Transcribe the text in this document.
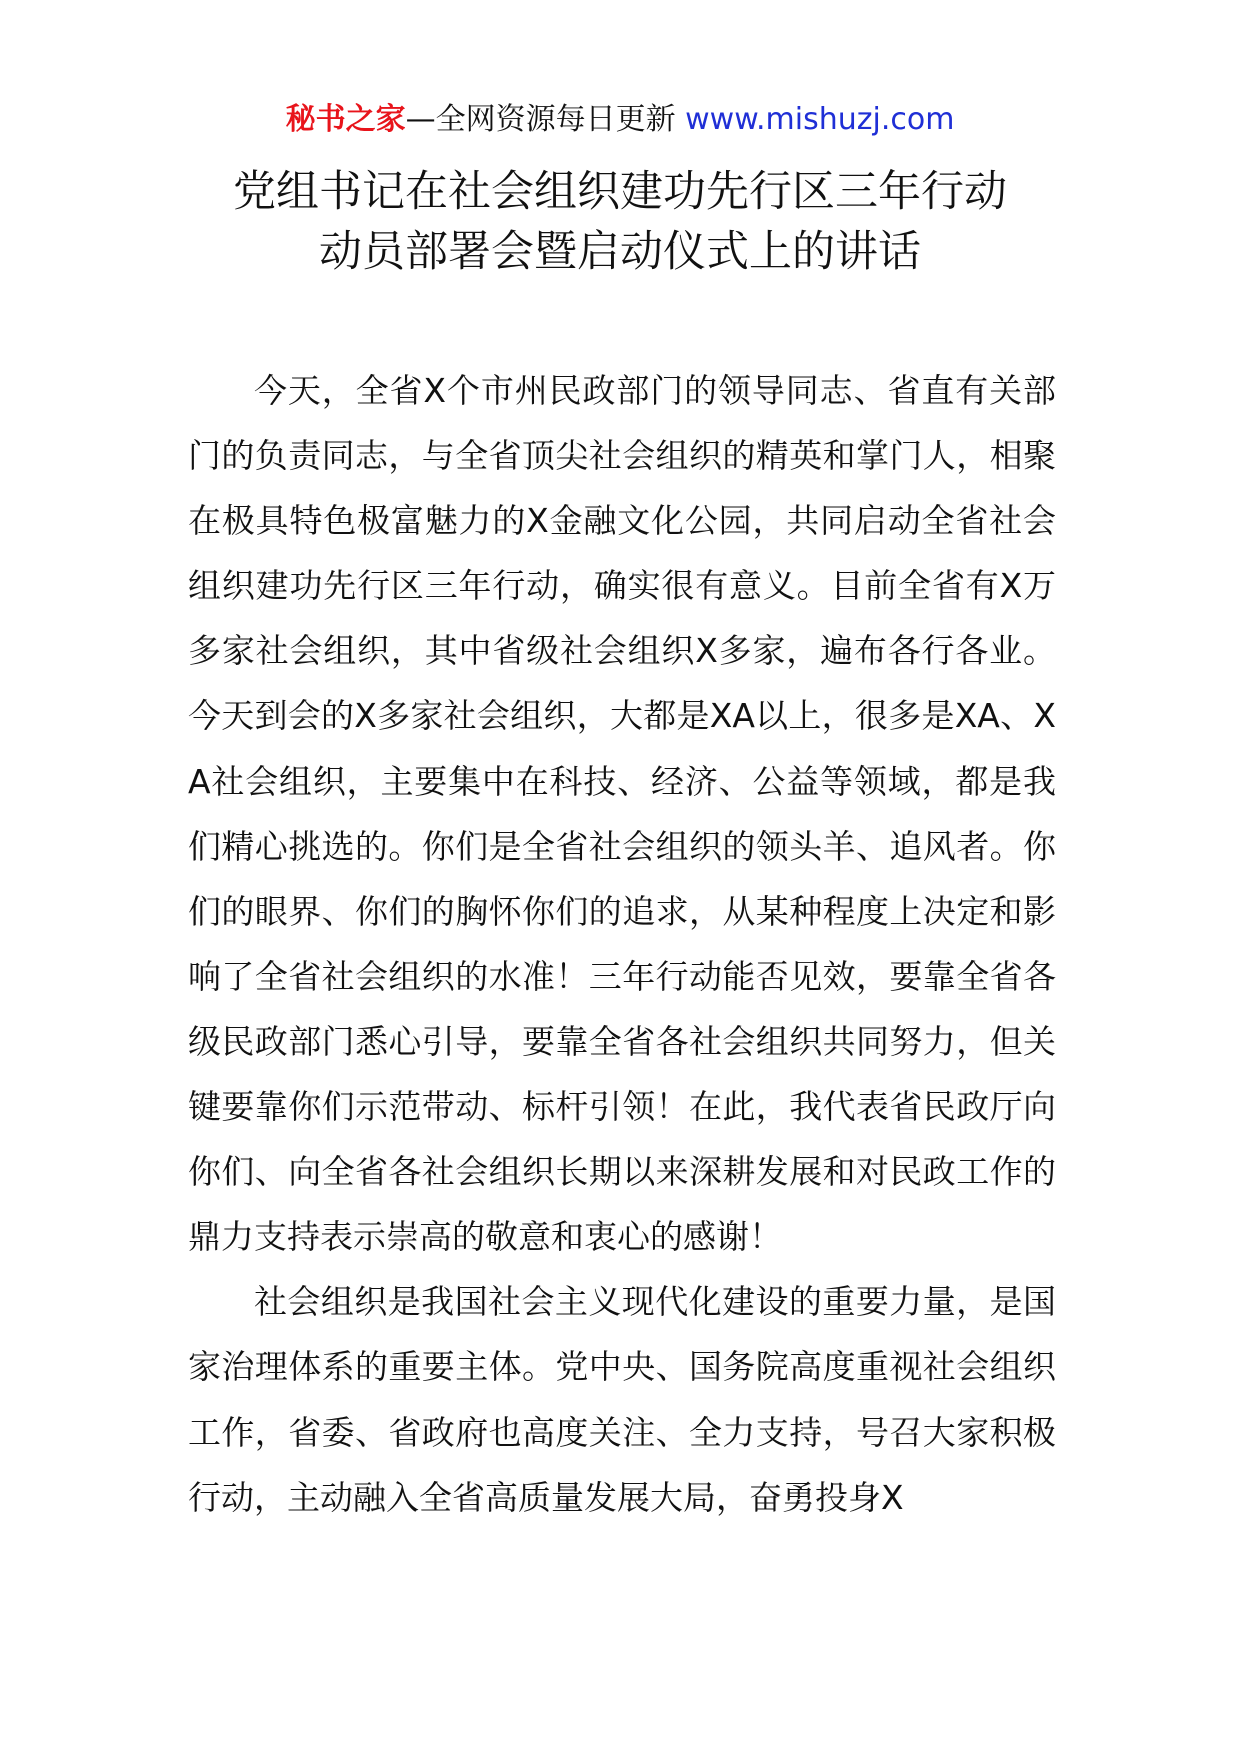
秘书之家—全网资源每日更新 www.mishuzj.com
党组书记在社会组织建功先行区三年行动
动员部署会暨启动仪式上的讲话

今天，全省X个市州民政部门的领导同志、省直有关部门的负责同志，与全省顶尖社会组织的精英和掌门人，相聚在极具特色极富魅力的X金融文化公园，共同启动全省社会组织建功先行区三年行动，确实很有意义。目前全省有X万多家社会组织，其中省级社会组织X多家，遍布各行各业。今天到会的X多家社会组织，大都是XA以上，很多是XA、XA社会组织，主要集中在科技、经济、公益等领域，都是我们精心挑选的。你们是全省社会组织的领头羊、追风者。你们的眼界、你们的胸怀你们的追求，从某种程度上决定和影响了全省社会组织的水准！三年行动能否见效，要靠全省各级民政部门悉心引导，要靠全省各社会组织共同努力，但关键要靠你们示范带动、标杆引领！在此，我代表省民政厅向你们、向全省各社会组织长期以来深耕发展和对民政工作的鼎力支持表示崇高的敬意和衷心的感谢！

社会组织是我国社会主义现代化建设的重要力量，是国家治理体系的重要主体。党中央、国务院高度重视社会组织工作，省委、省政府也高度关注、全力支持，号召大家积极行动，主动融入全省高质量发展大局，奋勇投身X
